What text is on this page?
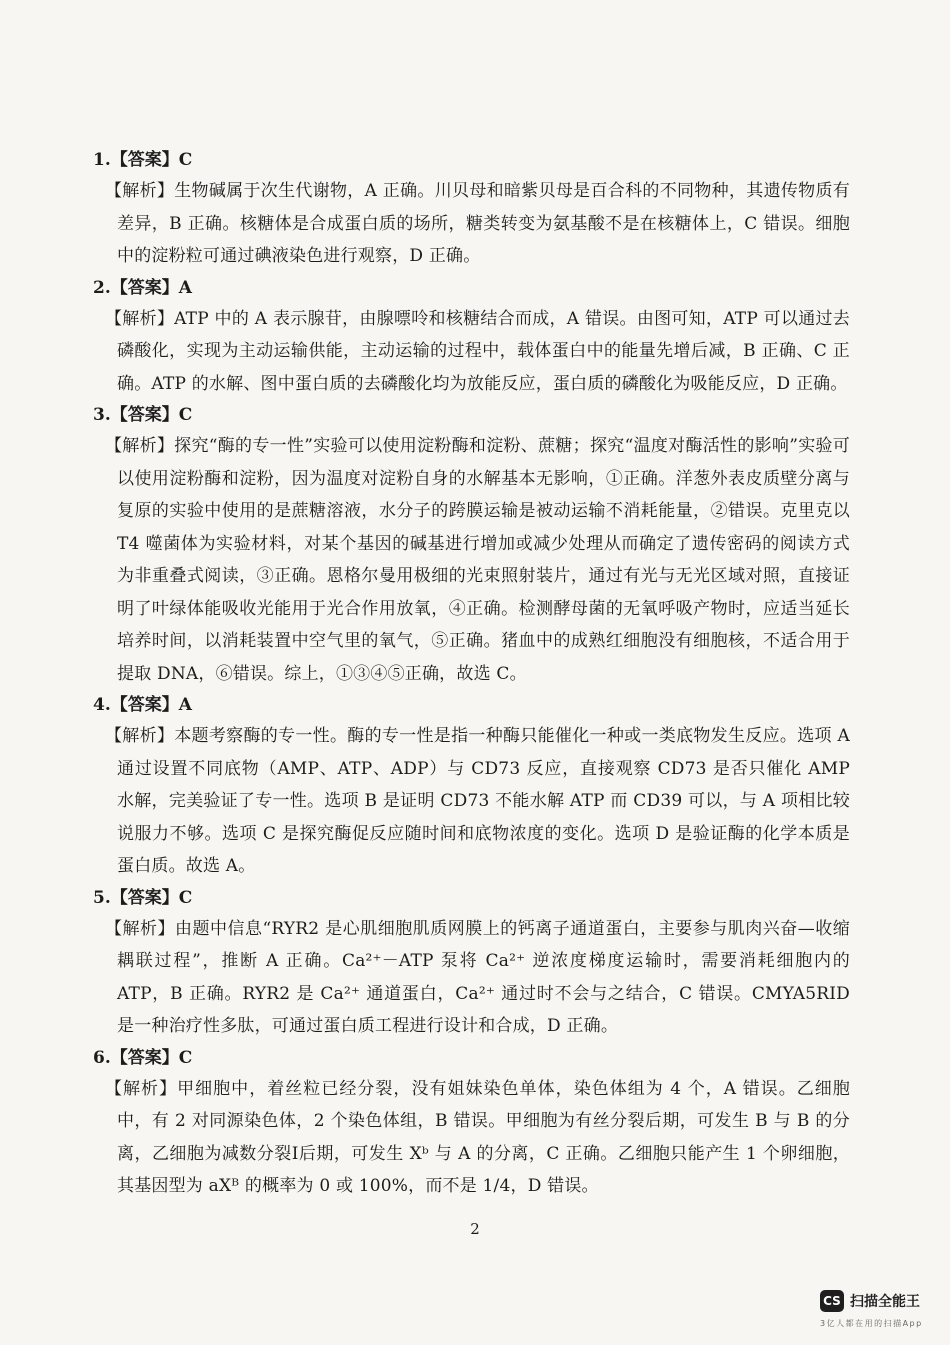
1.【答案】C
【解析】生物碱属于次生代谢物，A 正确。川贝母和暗紫贝母是百合科的不同物种，其遗传物质有差异，B 正确。核糖体是合成蛋白质的场所，糖类转变为氨基酸不是在核糖体上，C 错误。细胞中的淀粉粒可通过碘液染色进行观察，D 正确。
2.【答案】A
【解析】ATP 中的 A 表示腺苷，由腺嘌呤和核糖结合而成，A 错误。由图可知，ATP 可以通过去磷酸化，实现为主动运输供能，主动运输的过程中，载体蛋白中的能量先增后减，B 正确、C 正确。ATP 的水解、图中蛋白质的去磷酸化均为放能反应，蛋白质的磷酸化为吸能反应，D 正确。
3.【答案】C
【解析】探究“酶的专一性”实验可以使用淀粉酶和淀粉、蔗糖；探究“温度对酶活性的影响”实验可以使用淀粉酶和淀粉，因为温度对淀粉自身的水解基本无影响，①正确。洋葱外表皮质壁分离与复原的实验中使用的是蔗糖溶液，水分子的跨膜运输是被动运输不消耗能量，②错误。克里克以 T4 噬菌体为实验材料，对某个基因的碱基进行增加或减少处理从而确定了遗传密码的阅读方式为非重叠式阅读，③正确。恩格尔曼用极细的光束照射装片，通过有光与无光区域对照，直接证明了叶绿体能吸收光能用于光合作用放氧，④正确。检测酵母菌的无氧呼吸产物时，应适当延长培养时间，以消耗装置中空气里的氧气，⑤正确。猪血中的成熟红细胞没有细胞核，不适合用于提取 DNA，⑥错误。综上，①③④⑤正确，故选 C。
4.【答案】A
【解析】本题考察酶的专一性。酶的专一性是指一种酶只能催化一种或一类底物发生反应。选项 A 通过设置不同底物（AMP、ATP、ADP）与 CD73 反应，直接观察 CD73 是否只催化 AMP 水解，完美验证了专一性。选项 B 是证明 CD73 不能水解 ATP 而 CD39 可以，与 A 项相比较说服力不够。选项 C 是探究酶促反应随时间和底物浓度的变化。选项 D 是验证酶的化学本质是蛋白质。故选 A。
5.【答案】C
【解析】由题中信息“RYR2 是心肌细胞肌质网膜上的钙离子通道蛋白，主要参与肌肉兴奋—收缩耦联过程”，推断 A 正确。Ca²⁺－ATP 泵将 Ca²⁺ 逆浓度梯度运输时，需要消耗细胞内的 ATP，B 正确。RYR2 是 Ca²⁺ 通道蛋白，Ca²⁺ 通过时不会与之结合，C 错误。CMYA5RID 是一种治疗性多肽，可通过蛋白质工程进行设计和合成，D 正确。
6.【答案】C
【解析】甲细胞中，着丝粒已经分裂，没有姐妹染色单体，染色体组为 4 个，A 错误。乙细胞中，有 2 对同源染色体，2 个染色体组，B 错误。甲细胞为有丝分裂后期，可发生 B 与 B 的分离，乙细胞为减数分裂Ⅰ后期，可发生 Xᵇ 与 A 的分离，C 正确。乙细胞只能产生 1 个卵细胞，其基因型为 aXᴮ 的概率为 0 或 100%，而不是 1/4，D 错误。
2
CS 扫描全能王
3亿人都在用的扫描App
